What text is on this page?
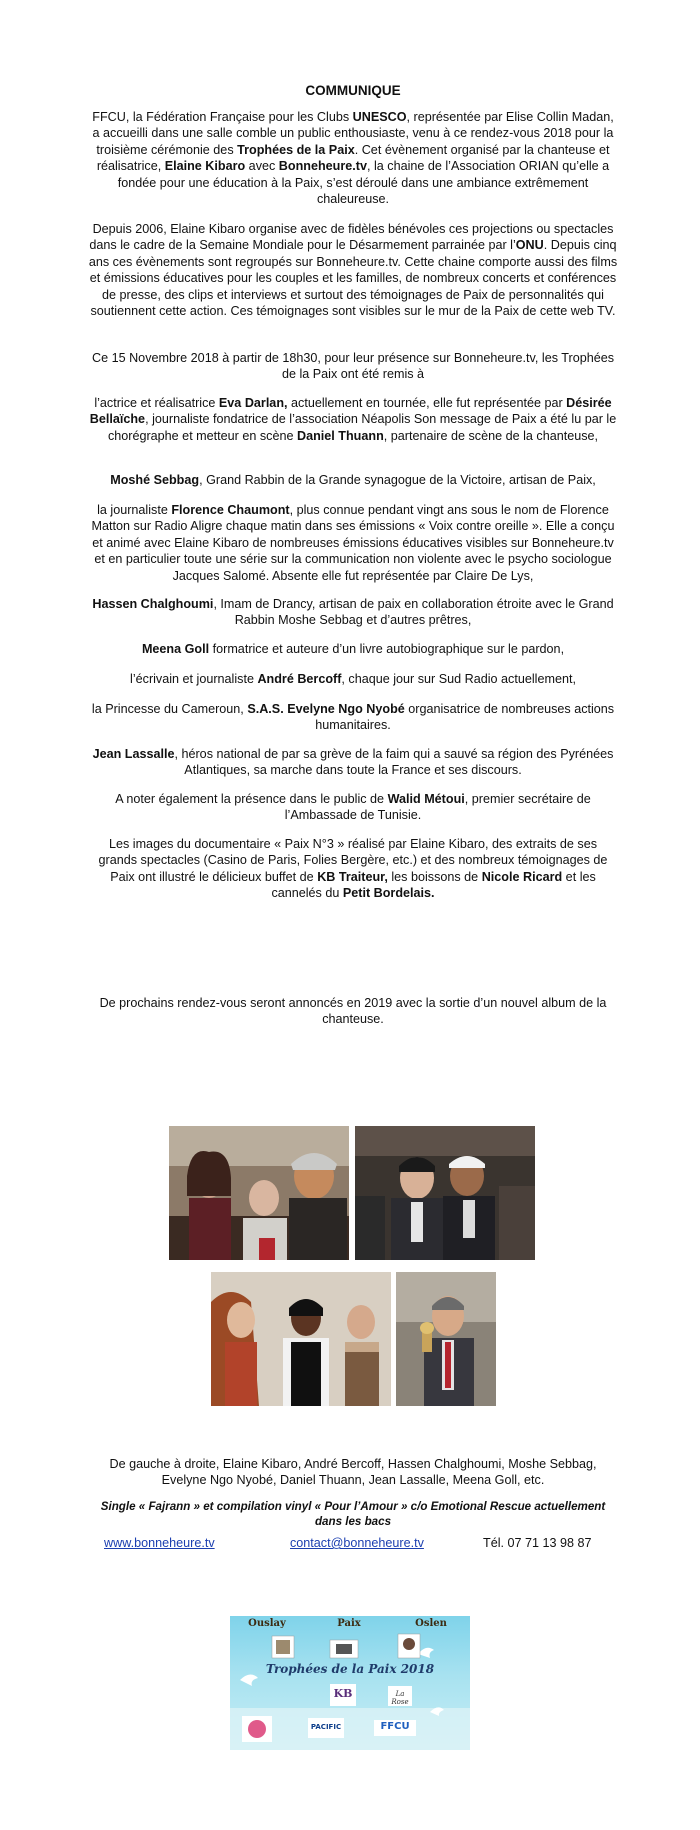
COMMUNIQUE

FFCU, la Fédération Française pour les Clubs UNESCO, représentée par Elise Collin Madan, a accueilli dans une salle comble un public enthousiaste, venu à ce rendez-vous 2018 pour la troisième cérémonie des Trophées de la Paix. Cet évènement organisé par la chanteuse et réalisatrice, Elaine Kibaro avec Bonneheure.tv, la chaine de l’Association ORIAN qu’elle a fondée pour une éducation à la Paix, s’est déroulé dans une ambiance extrêmement chaleureuse.

Depuis 2006, Elaine Kibaro organise avec de fidèles bénévoles ces projections ou spectacles dans le cadre de la Semaine Mondiale pour le Désarmement parrainée par l’ONU. Depuis cinq ans ces évènements sont regroupés sur Bonneheure.tv. Cette chaine comporte aussi des films et émissions éducatives pour les couples et les familles, de nombreux concerts et conférences de presse, des clips et interviews et surtout des témoignages de Paix de personnalités qui soutiennent cette action. Ces témoignages sont visibles sur le mur de la Paix de cette web TV.

Ce 15 Novembre 2018 à partir de 18h30, pour leur présence sur Bonneheure.tv, les Trophées de la Paix ont été remis à

l’actrice et réalisatrice Eva Darlan, actuellement en tournée, elle fut représentée par Désirée Bellaïche, journaliste fondatrice de l’association Néapolis Son message de Paix a été lu par le chorégraphe et metteur en scène Daniel Thuann, partenaire de scène de la chanteuse,

Moshé Sebbag, Grand Rabbin de la Grande synagogue de la Victoire, artisan de Paix,

la journaliste Florence Chaumont, plus connue pendant vingt ans sous le nom de Florence Matton sur Radio Aligre chaque matin dans ses émissions « Voix contre oreille ». Elle a conçu et animé avec Elaine Kibaro de nombreuses émissions éducatives visibles sur Bonneheure.tv et en particulier toute une série sur la communication non violente avec le psycho sociologue Jacques Salomé. Absente elle fut représentée par Claire De Lys,

Hassen Chalghoumi, Imam de Drancy, artisan de paix en collaboration étroite avec le Grand Rabbin Moshe Sebbag et d’autres prêtres,

Meena Goll formatrice et auteure d’un livre autobiographique sur le pardon,

l’écrivain et journaliste André Bercoff, chaque jour sur Sud Radio actuellement,

la Princesse du Cameroun, S.A.S. Evelyne Ngo Nyobé organisatrice de nombreuses actions humanitaires.

Jean Lassalle, héros national de par sa grève de la faim qui a sauvé sa région des Pyrénées Atlantiques, sa marche dans toute la France et ses discours.

A noter également la présence dans le public de Walid Métoui, premier secrétaire de l’Ambassade de Tunisie.

Les images du documentaire « Paix N°3 » réalisé par Elaine Kibaro, des extraits de ses grands spectacles (Casino de Paris, Folies Bergère, etc.) et des nombreux témoignages de Paix ont illustré le délicieux buffet de KB Traiteur, les boissons de Nicole Ricard et les cannelés du Petit Bordelais.

De prochains rendez-vous seront annoncés en 2019 avec la sortie d’un nouvel album de la chanteuse.

De gauche à droite, Elaine Kibaro, André Bercoff, Hassen Chalghoumi, Moshe Sebbag, Evelyne Ngo Nyobé, Daniel Thuann, Jean Lassalle, Meena Goll, etc.
Single « Fajrann » et compilation vinyl « Pour l’Amour » c/o Emotional Rescue actuellement dans les bacs
www.bonneheure.tv	contact@bonneheure.tv	Tél. 07 71 13 98 87
Ouslay	Paix	Oslen
Trophées de la Paix 2018
KB	La Rose
PACIFIC	FFCU
